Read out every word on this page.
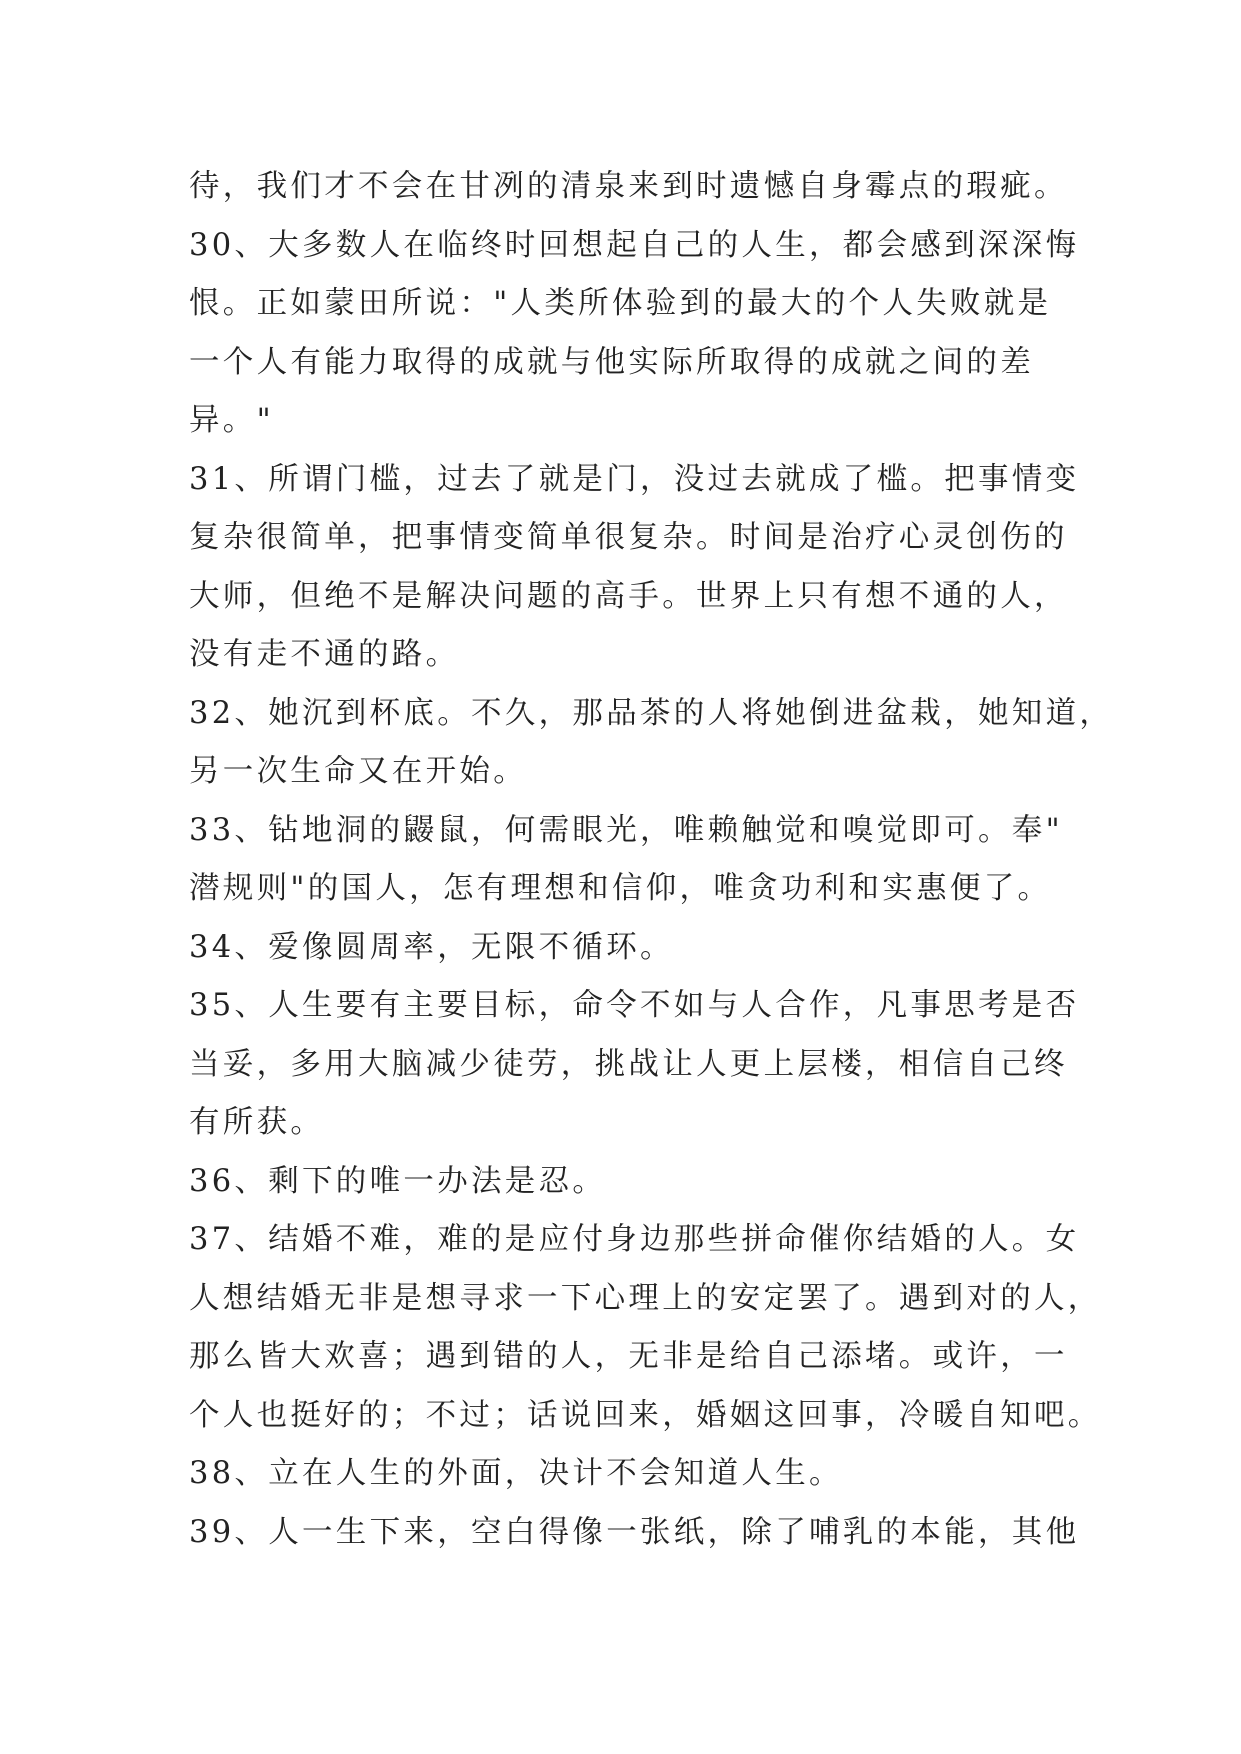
待，我们才不会在甘冽的清泉来到时遗憾自身霉点的瑕疵。
30、大多数人在临终时回想起自己的人生，都会感到深深悔
恨。正如蒙田所说："人类所体验到的最大的个人失败就是
一个人有能力取得的成就与他实际所取得的成就之间的差
异。"
31、所谓门槛，过去了就是门，没过去就成了槛。把事情变
复杂很简单，把事情变简单很复杂。时间是治疗心灵创伤的
大师，但绝不是解决问题的高手。世界上只有想不通的人，
没有走不通的路。
32、她沉到杯底。不久，那品茶的人将她倒进盆栽，她知道，
另一次生命又在开始。
33、钻地洞的鼹鼠，何需眼光，唯赖触觉和嗅觉即可。奉"
潜规则"的国人，怎有理想和信仰，唯贪功利和实惠便了。
34、爱像圆周率，无限不循环。
35、人生要有主要目标，命令不如与人合作，凡事思考是否
当妥，多用大脑减少徒劳，挑战让人更上层楼，相信自己终
有所获。
36、剩下的唯一办法是忍。
37、结婚不难，难的是应付身边那些拼命催你结婚的人。女
人想结婚无非是想寻求一下心理上的安定罢了。遇到对的人，
那么皆大欢喜；遇到错的人，无非是给自己添堵。或许，一
个人也挺好的；不过；话说回来，婚姻这回事，冷暖自知吧。
38、立在人生的外面，决计不会知道人生。
39、人一生下来，空白得像一张纸，除了哺乳的本能，其他
